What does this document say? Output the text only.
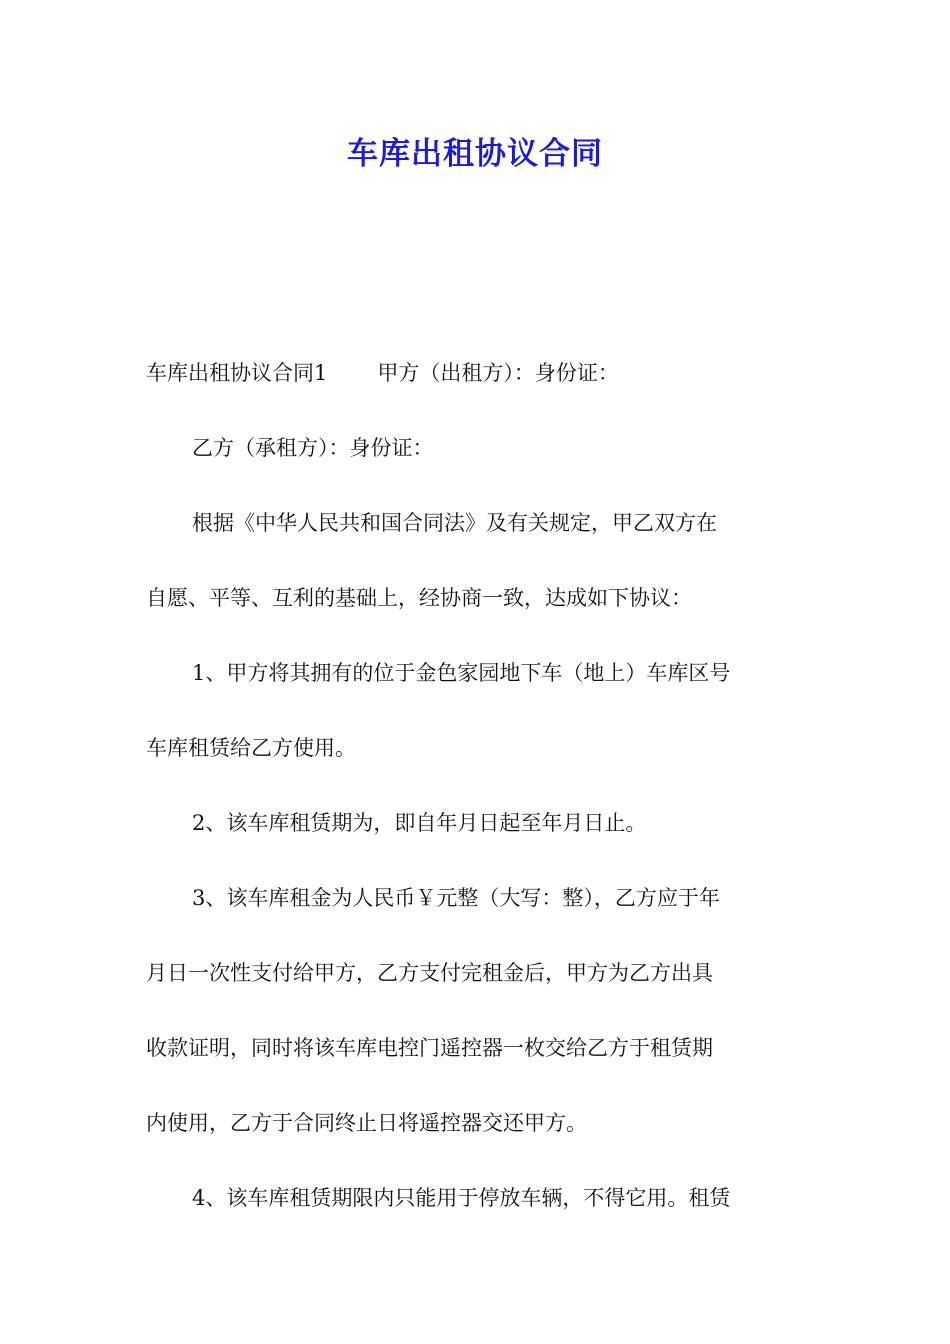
车库出租协议合同
车库出租协议合同1 甲方（出租方）：身份证：
乙方（承租方）：身份证：
根据《中华人民共和国合同法》及有关规定，甲乙双方在
自愿、平等、互利的基础上，经协商一致，达成如下协议：
1、甲方将其拥有的位于金色家园地下车（地上）车库区号
车库租赁给乙方使用。
2、该车库租赁期为，即自年月日起至年月日止。
3、该车库租金为人民币￥元整（大写：整），乙方应于年
月日一次性支付给甲方，乙方支付完租金后，甲方为乙方出具
收款证明，同时将该车库电控门遥控器一枚交给乙方于租赁期
内使用，乙方于合同终止日将遥控器交还甲方。
4、该车库租赁期限内只能用于停放车辆，不得它用。租赁
